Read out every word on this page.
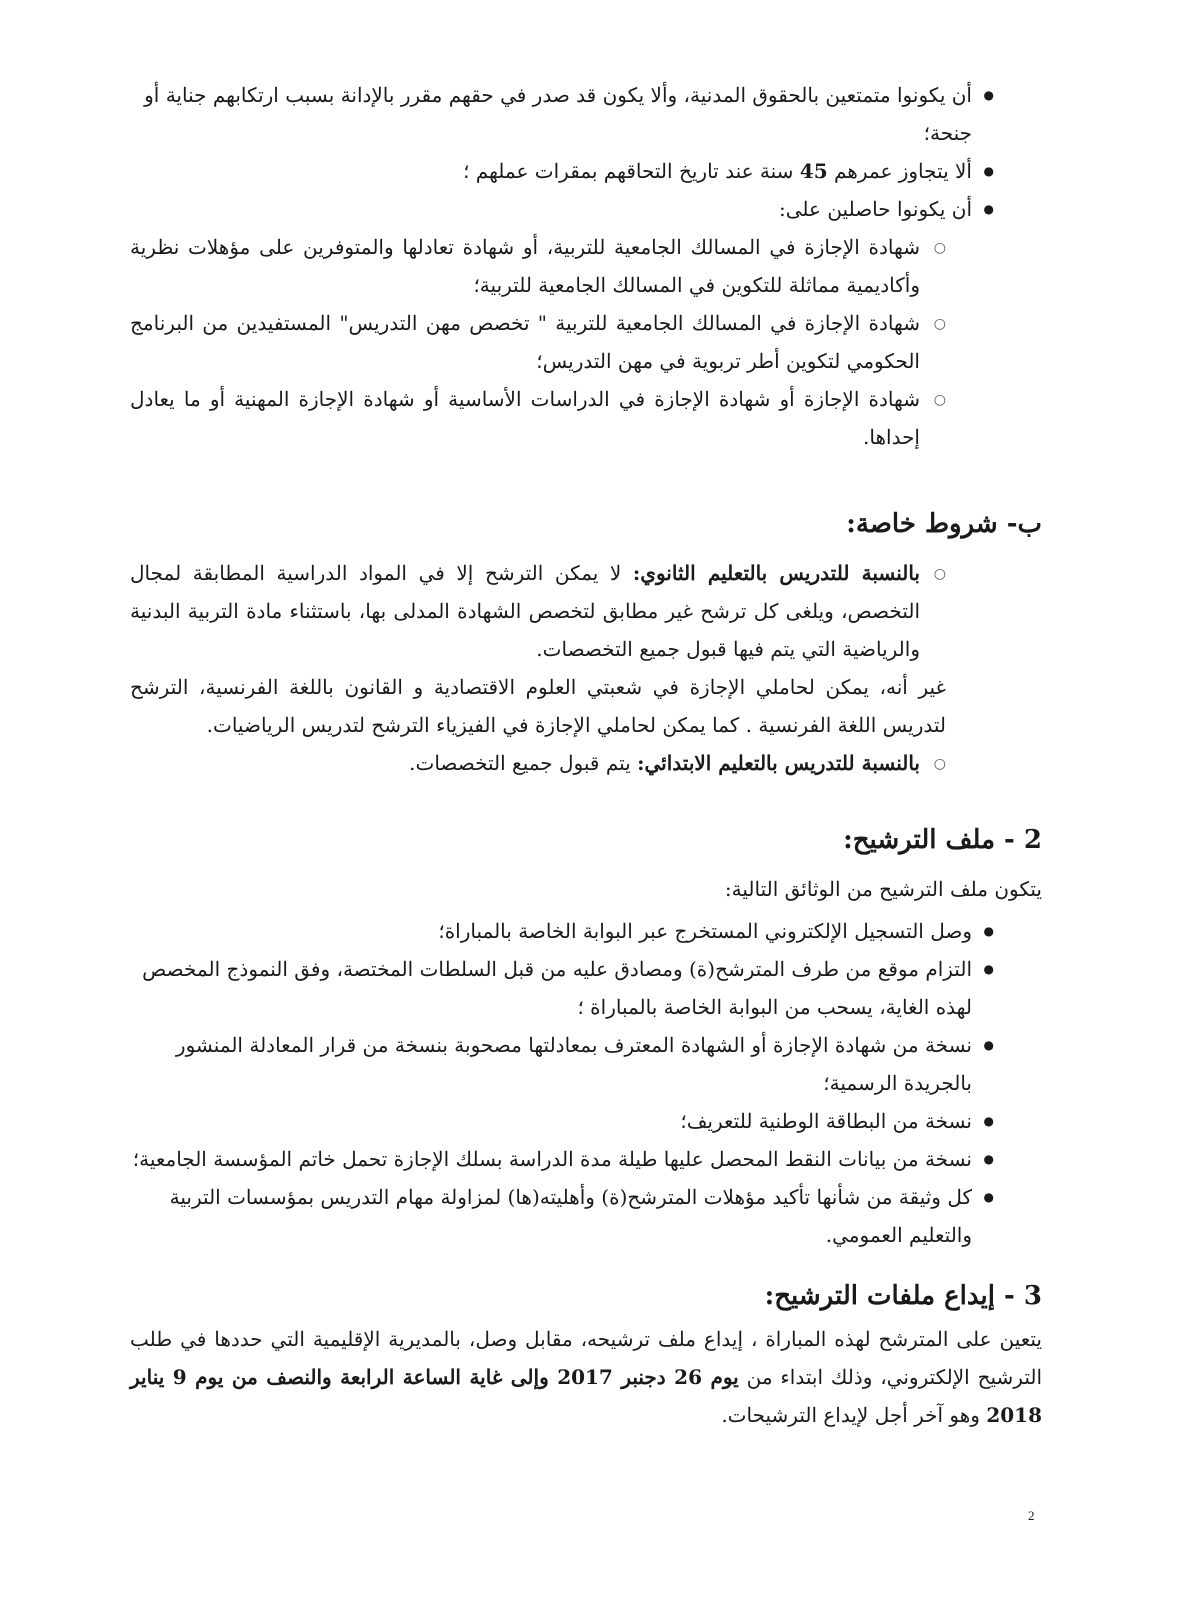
● أن يكونوا متمتعين بالحقوق المدنية، وألا يكون قد صدر في حقهم مقرر بالإدانة بسبب ارتكابهم جناية أو جنحة؛

● ألا يتجاوز عمرهم 45 سنة عند تاريخ التحاقهم بمقرات عملهم ؛

● أن يكونوا حاصلين على:

○ شهادة الإجازة في المسالك الجامعية للتربية، أو شهادة تعادلها والمتوفرين على مؤهلات نظرية وأكاديمية مماثلة للتكوين في المسالك الجامعية للتربية؛

○ شهادة الإجازة في المسالك الجامعية للتربية " تخصص مهن التدريس" المستفيدين من البرنامج الحكومي لتكوين أطر تربوية في مهن التدريس؛

○ شهادة الإجازة أو شهادة الإجازة في الدراسات الأساسية أو شهادة الإجازة المهنية أو ما يعادل إحداها.

ب- شروط خاصة:

○ بالنسبة للتدريس بالتعليم الثانوي: لا يمكن الترشح إلا في المواد الدراسية المطابقة لمجال التخصص، ويلغى كل ترشح غير مطابق لتخصص الشهادة المدلى بها، باستثناء مادة التربية البدنية والرياضية التي يتم فيها قبول جميع التخصصات.

غير أنه، يمكن لحاملي الإجازة في شعبتي العلوم الاقتصادية و القانون باللغة الفرنسية، الترشح لتدريس اللغة الفرنسية . كما يمكن لحاملي الإجازة في الفيزياء الترشح لتدريس الرياضيات.

○ بالنسبة للتدريس بالتعليم الابتدائي: يتم قبول جميع التخصصات.

2 - ملف الترشيح:

يتكون ملف الترشيح من الوثائق التالية:

● وصل التسجيل الإلكتروني المستخرج عبر البوابة الخاصة بالمباراة؛

● التزام موقع من طرف المترشح(ة) ومصادق عليه من قبل السلطات المختصة، وفق النموذج المخصص لهذه الغاية، يسحب من البوابة الخاصة بالمباراة ؛

● نسخة من شهادة الإجازة أو الشهادة المعترف بمعادلتها مصحوبة بنسخة من قرار المعادلة المنشور بالجريدة الرسمية؛

● نسخة من البطاقة الوطنية للتعريف؛

● نسخة من بيانات النقط المحصل عليها طيلة مدة الدراسة بسلك الإجازة تحمل خاتم المؤسسة الجامعية؛

● كل وثيقة من شأنها تأكيد مؤهلات المترشح(ة) وأهليته(ها) لمزاولة مهام التدريس بمؤسسات التربية والتعليم العمومي.

3 - إيداع ملفات الترشيح:

يتعين على المترشح لهذه المباراة ، إيداع ملف ترشيحه، مقابل وصل، بالمديرية الإقليمية التي حددها في طلب الترشيح الإلكتروني، وذلك ابتداء من يوم 26 دجنبر 2017 وإلى غاية الساعة الرابعة والنصف من يوم 9 يناير 2018 وهو آخر أجل لإيداع الترشيحات.

2
